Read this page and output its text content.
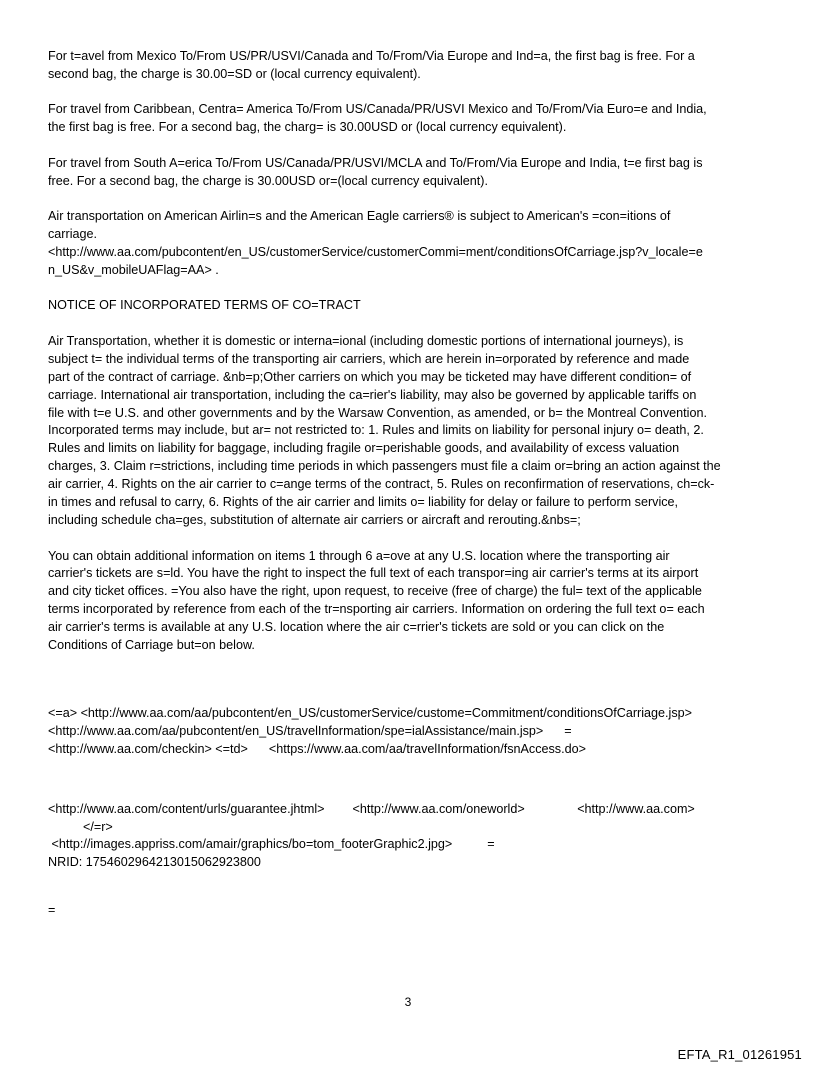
For t=avel from Mexico To/From US/PR/USVI/Canada and To/From/Via Europe and Ind=a, the first bag is free. For a
second bag, the charge is 30.00=SD or (local currency equivalent).

For travel from Caribbean, Centra= America To/From US/Canada/PR/USVI Mexico and To/From/Via Euro=e and India,
the first bag is free. For a second bag, the charg= is 30.00USD or (local currency equivalent).

For travel from South A=erica To/From US/Canada/PR/USVI/MCLA and To/From/Via Europe and India, t=e first bag is
free. For a second bag, the charge is 30.00USD or=(local currency equivalent).

Air transportation on American Airlin=s and the American Eagle carriers® is subject to American's =con=itions of
carriage.
<http://www.aa.com/pubcontent/en_US/customerService/customerCommi=ment/conditionsOfCarriage.jsp?v_locale=e
n_US&v_mobileUAFlag=AA> .

NOTICE OF INCORPORATED TERMS OF CO=TRACT

Air Transportation, whether it is domestic or interna=ional (including domestic portions of international journeys), is
subject t= the individual terms of the transporting air carriers, which are herein in=orporated by reference and made
part of the contract of carriage. &nb=p;Other carriers on which you may be ticketed may have different condition= of
carriage. International air transportation, including the ca=rier's liability, may also be governed by applicable tariffs on
file with t=e U.S. and other governments and by the Warsaw Convention, as amended, or b= the Montreal Convention.
Incorporated terms may include, but ar= not restricted to: 1. Rules and limits on liability for personal injury o= death, 2.
Rules and limits on liability for baggage, including fragile or=perishable goods, and availability of excess valuation
charges, 3. Claim r=strictions, including time periods in which passengers must file a claim or=bring an action against the
air carrier, 4. Rights on the air carrier to c=ange terms of the contract, 5. Rules on reconfirmation of reservations, ch=ck-
in times and refusal to carry, 6. Rights of the air carrier and limits o= liability for delay or failure to perform service,
including schedule cha=ges, substitution of alternate air carriers or aircraft and rerouting.&nbs=;

You can obtain additional information on items 1 through 6 a=ove at any U.S. location where the transporting air
carrier's tickets are s=ld. You have the right to inspect the full text of each transpor=ing air carrier's terms at its airport
and city ticket offices. =You also have the right, upon request, to receive (free of charge) the ful= text of the applicable
terms incorporated by reference from each of the tr=nsporting air carriers. Information on ordering the full text o= each
air carrier's terms is available at any U.S. location where the air c=rrier's tickets are sold or you can click on the
Conditions of Carriage but=on below.

<=a> <http://www.aa.com/aa/pubcontent/en_US/customerService/custome=Commitment/conditionsOfCarriage.jsp>
<http://www.aa.com/aa/pubcontent/en_US/travelInformation/spe=ialAssistance/main.jsp>      =
<http://www.aa.com/checkin> <=td>      <https://www.aa.com/aa/travelInformation/fsnAccess.do>
<http://www.aa.com/content/urls/guarantee.jhtml>        <http://www.aa.com/oneworld>               <http://www.aa.com>
</=r>
<http://images.appriss.com/amair/graphics/bo=tom_footerGraphic2.jpg>          =
NRID: 175460296421301506292380​0
=
3
EFTA_R1_01261951
